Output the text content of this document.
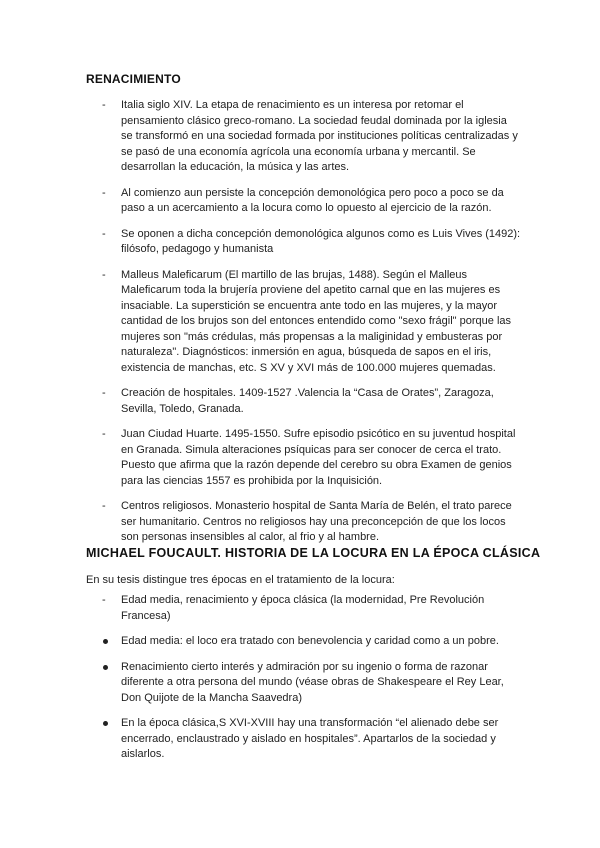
RENACIMIENTO
- Italia siglo XIV. La etapa de renacimiento es un interesa por retomar el pensamiento clásico greco-romano. La sociedad feudal dominada por la iglesia se transformó en una sociedad formada por instituciones políticas centralizadas y se pasó de una economía agrícola una economía urbana y mercantil. Se desarrollan la educación, la música y las artes.
- Al comienzo aun persiste la concepción demonológica pero poco a poco se da paso a un acercamiento a la locura como lo opuesto al ejercicio de la razón.
- Se oponen a dicha concepción demonológica algunos como es Luis Vives (1492): filósofo, pedagogo y humanista
- Malleus Maleficarum (El martillo de las brujas, 1488). Según el Malleus Maleficarum toda la brujería proviene del apetito carnal que en las mujeres es insaciable. La superstición se encuentra ante todo en las mujeres, y la mayor cantidad de los brujos son del entonces entendido como "sexo frágil" porque las mujeres son "más crédulas, más propensas a la maliginidad y embusteras por naturaleza". Diagnósticos: inmersión en agua, búsqueda de sapos en el iris, existencia de manchas, etc. S XV y XVI más de 100.000 mujeres quemadas.
- Creación de hospitales. 1409-1527 .Valencia la “Casa de Orates”, Zaragoza, Sevilla, Toledo, Granada.
- Juan Ciudad Huarte. 1495-1550. Sufre episodio psicótico en su juventud hospital en Granada. Simula alteraciones psíquicas para ser conocer de cerca el trato. Puesto que afirma que la razón depende del cerebro su obra Examen de genios para las ciencias 1557 es prohibida por la Inquisición.
- Centros religiosos. Monasterio hospital de Santa María de Belén, el trato parece ser humanitario. Centros no religiosos hay una preconcepción de que los locos son personas insensibles al calor, al frio y al hambre.
MICHAEL FOUCAULT. HISTORIA DE LA LOCURA EN LA ÉPOCA CLÁSICA

En su tesis distingue tres épocas en el tratamiento de la locura:

- Edad media, renacimiento y época clásica (la modernidad, Pre Revolución Francesa)
Edad media: el loco era tratado con benevolencia y caridad como a un pobre.
Renacimiento cierto interés y admiración por su ingenio o forma de razonar diferente a otra persona del mundo (véase obras de Shakespeare el Rey Lear, Don Quijote de la Mancha Saavedra)
En la época clásica,S XVI-XVIII hay una transformación “el alienado debe ser encerrado, enclaustrado y aislado en hospitales”. Apartarlos de la sociedad y aislarlos.
